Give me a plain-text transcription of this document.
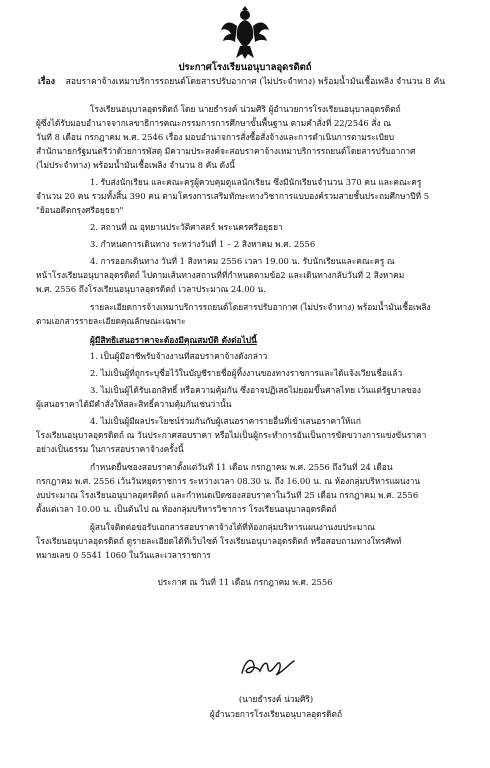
ประกาศโรงเรียนอนุบาลอุดรดิตถ์
เรื่อง สอบราคาจ้างเหมาบริการรถยนต์โดยสารปรับอากาศ (ไม่ประจำทาง) พร้อมน้ำมันเชื้อเพลิง จำนวน 8 คัน
โรงเรียนอนุบาลอุดรดิตถ์ โดย นายธำรงค์ น่วมศิริ ผู้อำนวยการโรงเรียนอนุบาลอุดรดิตถ์
ผู้ซึ่งได้รับมอบอำนาจจากเลขาธิการคณะกรรมการการศึกษาขั้นพื้นฐาน ตามคำสั่งที่ 22/2546 สั่ง ณ
วันที่ 8 เดือน กรกฎาคม พ.ศ. 2546 เรื่อง มอบอำนาจการสั่งซื้อสั่งจ้างและการดำเนินการตามระเบียบ
สำนักนายกรัฐมนตรีว่าด้วยการพัสดุ มีความประสงค์จะสอบราคาจ้างเหมาบริการรถยนต์โดยสารปรับอากาศ
(ไม่ประจำทาง) พร้อมน้ำมันเชื้อเพลิง จำนวน 8 คัน ดังนี้
1. รับส่งนักเรียน และคณะครูผู้ควบคุมดูแลนักเรียน ซึ่งมีนักเรียนจำนวน 370 คน และคณะครู
จำนวน 20 คน รวมทั้งสิ้น 390 คน ตามโครงการเสริมทักษะทางวิชาการแบบองค์รวมสายชั้นประถมศึกษาปีที่ 5
"ย้อนอดีตกรุงศรีอยุธยา"
2. สถานที่ ณ อุทยานประวัติศาสตร์ พระนครศรีอยุธยา
3. กำหนดการเดินทาง ระหว่างวันที่ 1 – 2 สิงหาคม พ.ศ. 2556
4. การออกเดินทาง วันที่ 1 สิงหาคม 2556 เวลา 19.00 น. รับนักเรียนและคณะครู ณ
หน้าโรงเรียนอนุบาลอุดรดิตถ์ ไปตามเส้นทางสถานที่ที่กำหนดตามข้อ2 และเดินทางกลับวันที่ 2 สิงหาคม
พ.ศ. 2556 ถึงโรงเรียนอนุบาลอุดรดิตถ์ เวลาประมาณ 24.00 น.
รายละเอียดการจ้างเหมาบริการรถยนต์โดยสารปรับอากาศ (ไม่ประจำทาง) พร้อมน้ำมันเชื้อเพลิง
ตามเอกสารรายละเอียดคุณลักษณะเฉพาะ
ผู้มีสิทธิเสนอราคาจะต้องมีคุณสมบัติ ดังต่อไปนี้
1. เป็นผู้มีอาชีพรับจ้างงานที่สอบราคาจ้างดังกล่าว
2. ไม่เป็นผู้ที่ถูกระบุชื่อไว้ในบัญชีรายชื่อผู้ทิ้งงานของทางราชการและได้แจ้งเวียนชื่อแล้ว
3. ไม่เป็นผู้ได้รับเอกสิทธิ์ หรือความคุ้มกัน ซึ่งอาจปฏิเสธไม่ยอมขึ้นศาลไทย เว้นแต่รัฐบาลของ
ผู้เสนอราคาได้มีคำสั่งให้สละสิทธิ์ความคุ้มกันเช่นว่านั้น
4. ไม่เป็นผู้มีผลประโยชน์ร่วมกันกับผู้เสนอราคารายอื่นที่เข้าเสนอราคาให้แก่
โรงเรียนอนุบาลอุดรดิตถ์ ณ วันประกาศสอบราคา หรือไม่เป็นผู้กระทำการอันเป็นการขัดขวางการแข่งขันราคา
อย่างเป็นธรรม ในการสอบราคาจ้างครั้งนี้
กำหนดยื่นซองสอบราคาตั้งแต่วันที่ 11 เดือน กรกฎาคม พ.ศ. 2556 ถึงวันที่ 24 เดือน
กรกฎาคม พ.ศ. 2556 เว้นวันหยุดราชการ ระหว่างเวลา 08.30 น. ถึง 16.00 น. ณ ห้องกลุ่มบริหารแผนงาน
งบประมาณ โรงเรียนอนุบาลอุดรดิตถ์ และกำหนดเปิดซองสอบราคาในวันที่ 25 เดือน กรกฎาคม พ.ศ. 2556
ตั้งแต่เวลา 10.00 น. เป็นต้นไป ณ ห้องกลุ่มบริหารวิชาการ โรงเรียนอนุบาลอุดรดิตถ์
ผู้สนใจติดต่อขอรับเอกสารสอบราคาจ้างได้ที่ห้องกลุ่มบริหารแผนงานงบประมาณ
โรงเรียนอนุบาลอุดรดิตถ์ ดูรายละเอียดได้ที่เว็บไซต์ โรงเรียนอนุบาลอุดรดิตถ์ หรือสอบถามทางโทรศัพท์
หมายเลข 0 5541 1060 ในวันและเวลาราชการ
ประกาศ ณ วันที่ 11 เดือน กรกฎาคม พ.ศ. 2556
(นายธำรงค์ น่วมศิริ)
ผู้อำนวยการโรงเรียนอนุบาลอุดรดิตถ์
